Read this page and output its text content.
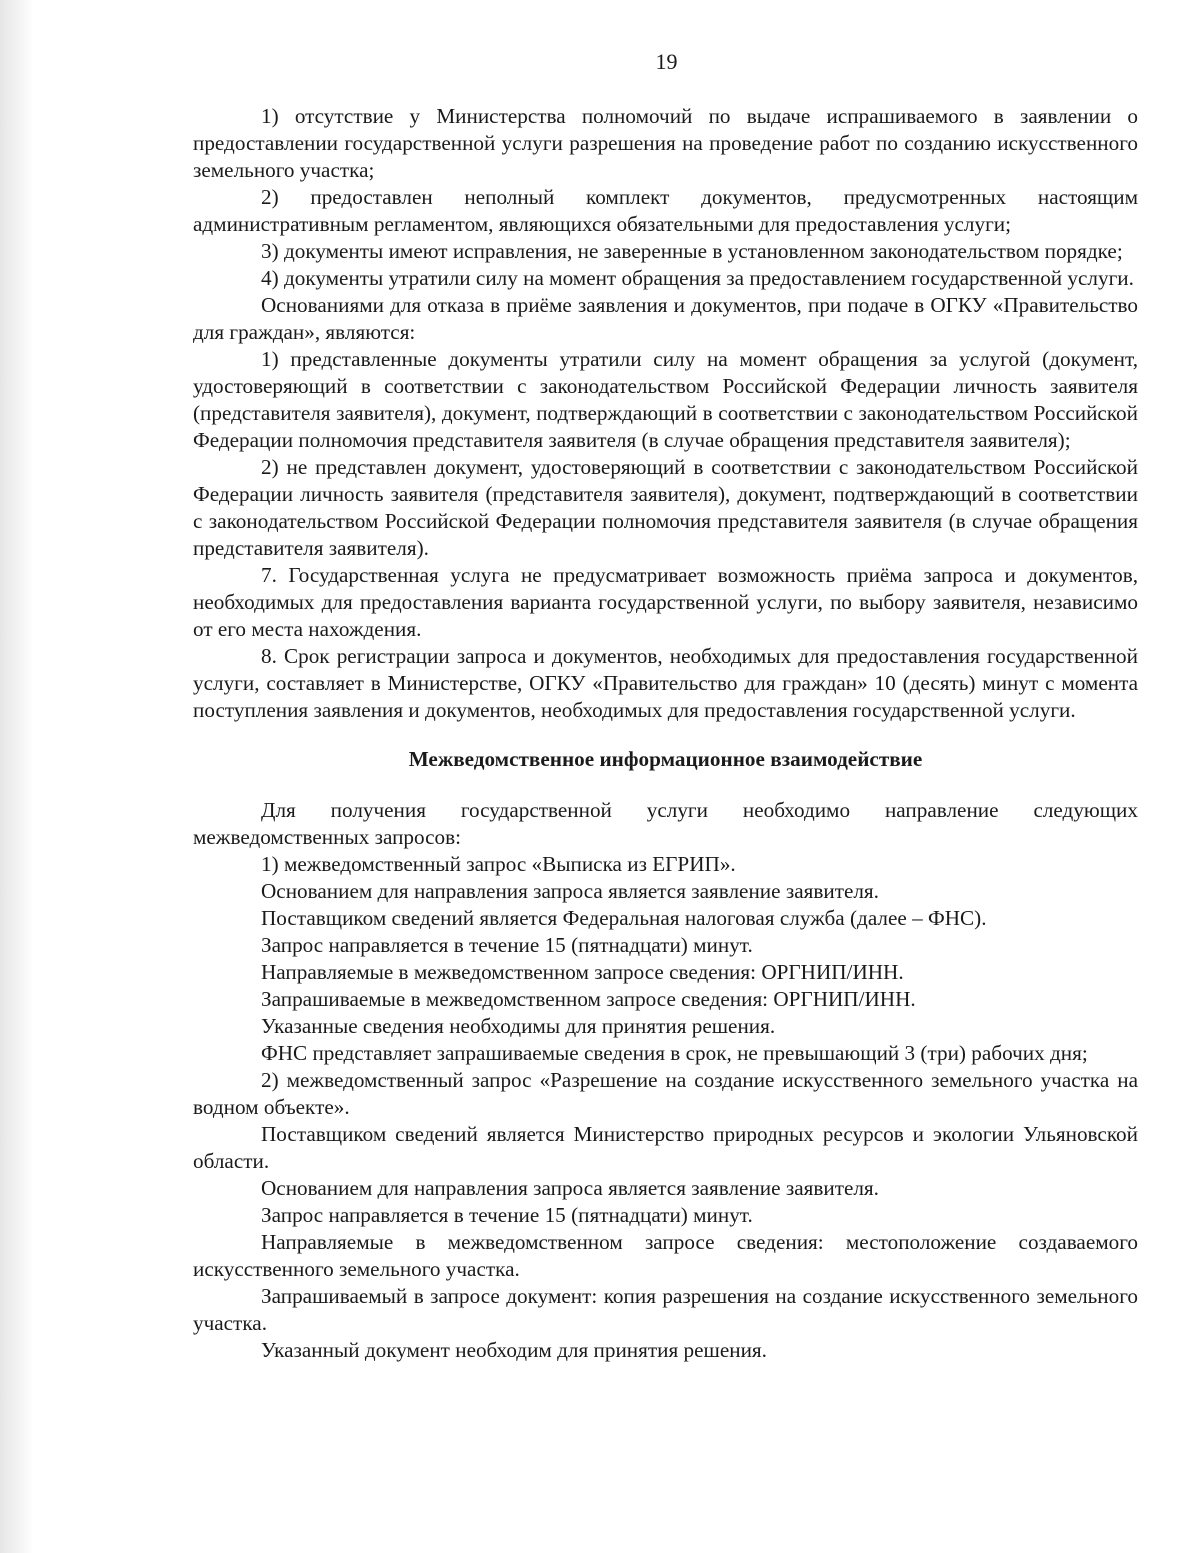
19

1) отсутствие у Министерства полномочий по выдаче испрашиваемого в заявлении о предоставлении государственной услуги разрешения на проведение работ по созданию искусственного земельного участка;

2) предоставлен неполный комплект документов, предусмотренных настоящим административным регламентом, являющихся обязательными для предоставления услуги;

3) документы имеют исправления, не заверенные в установленном законодательством порядке;

4) документы утратили силу на момент обращения за предоставлением государственной услуги.

Основаниями для отказа в приёме заявления и документов, при подаче в ОГКУ «Правительство для граждан», являются:

1) представленные документы утратили силу на момент обращения за услугой (документ, удостоверяющий в соответствии с законодательством Российской Федерации личность заявителя (представителя заявителя), документ, подтверждающий в соответствии с законодательством Российской Федерации полномочия представителя заявителя (в случае обращения представителя заявителя);

2) не представлен документ, удостоверяющий в соответствии с законодательством Российской Федерации личность заявителя (представителя заявителя), документ, подтверждающий в соответствии с законодательством Российской Федерации полномочия представителя заявителя (в случае обращения представителя заявителя).

7. Государственная услуга не предусматривает возможность приёма запроса и документов, необходимых для предоставления варианта государственной услуги, по выбору заявителя, независимо от его места нахождения.

8. Срок регистрации запроса и документов, необходимых для предоставления государственной услуги, составляет в Министерстве, ОГКУ «Правительство для граждан» 10 (десять) минут с момента поступления заявления и документов, необходимых для предоставления государственной услуги.

Межведомственное информационное взаимодействие

Для получения государственной услуги необходимо направление следующих межведомственных запросов:

1) межведомственный запрос «Выписка из ЕГРИП».

Основанием для направления запроса является заявление заявителя.

Поставщиком сведений является Федеральная налоговая служба (далее – ФНС).

Запрос направляется в течение 15 (пятнадцати) минут.

Направляемые в межведомственном запросе сведения: ОРГНИП/ИНН.

Запрашиваемые в межведомственном запросе сведения: ОРГНИП/ИНН.

Указанные сведения необходимы для принятия решения.

ФНС представляет запрашиваемые сведения в срок, не превышающий 3 (три) рабочих дня;

2) межведомственный запрос «Разрешение на создание искусственного земельного участка на водном объекте».

Поставщиком сведений является Министерство природных ресурсов и экологии Ульяновской области.

Основанием для направления запроса является заявление заявителя.

Запрос направляется в течение 15 (пятнадцати) минут.

Направляемые в межведомственном запросе сведения: местоположение создаваемого искусственного земельного участка.

Запрашиваемый в запросе документ: копия разрешения на создание искусственного земельного участка.

Указанный документ необходим для принятия решения.
